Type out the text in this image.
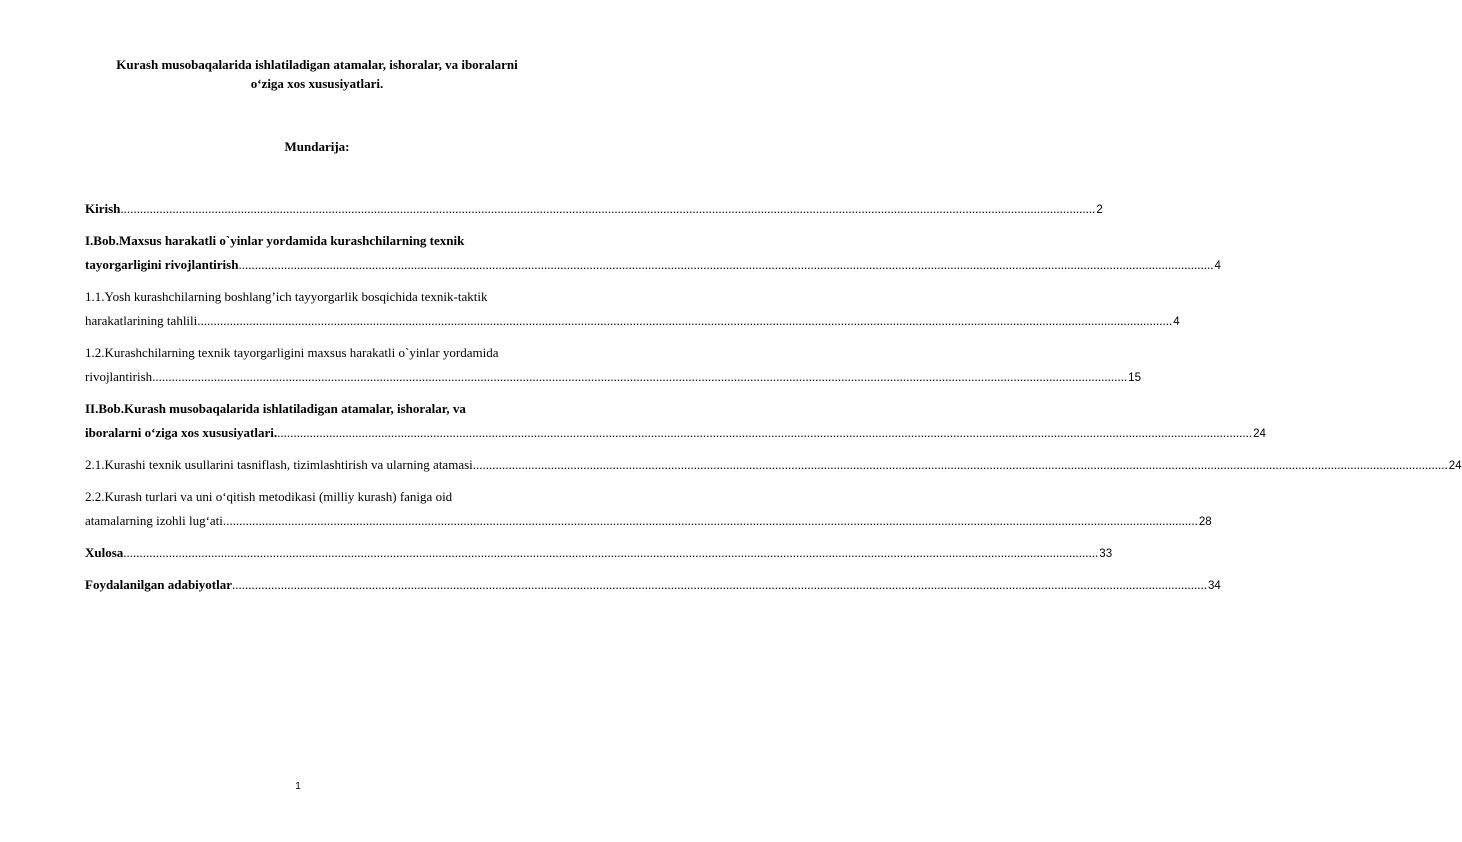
Kurash musobaqalarida ishlatiladigan atamalar, ishoralar, va iboralarni
o‘ziga xos xususiyatlari.
Mundarija:
Kirish ............................................................................................................................................................................................................................................................................................................ 2
I.Bob.Maxsus harakatli o`yinlar yordamida kurashchilarning texnik
tayorgarligini rivojlantirish ............................................................................................................................................................................................................................................................................................................ 4
1.1.Yosh kurashchilarning boshlang’ich tayyorgarlik bosqichida texnik-taktik
harakatlarining tahlili ............................................................................................................................................................................................................................................................................................................ 4
1.2.Kurashchilarning texnik tayorgarligini maxsus harakatli o`yinlar yordamida
rivojlantirish ............................................................................................................................................................................................................................................................................................................ 15
II.Bob.Kurash musobaqalarida ishlatiladigan atamalar, ishoralar, va
iboralarni o‘ziga xos xususiyatlari. ............................................................................................................................................................................................................................................................................................................ 24
2.1.Kurashi texnik usullarini tasniflash, tizimlashtirish va ularning atamasi ............................................................................................................................................................................................................................................................................................................ 24
2.2.Kurash turlari va uni o‘qitish metodikasi (milliy kurash) faniga oid
atamalarning izohli lug‘ati ............................................................................................................................................................................................................................................................................................................ 28
Xulosa ............................................................................................................................................................................................................................................................................................................ 33
Foydalanilgan adabiyotlar ............................................................................................................................................................................................................................................................................................................ 34
1
